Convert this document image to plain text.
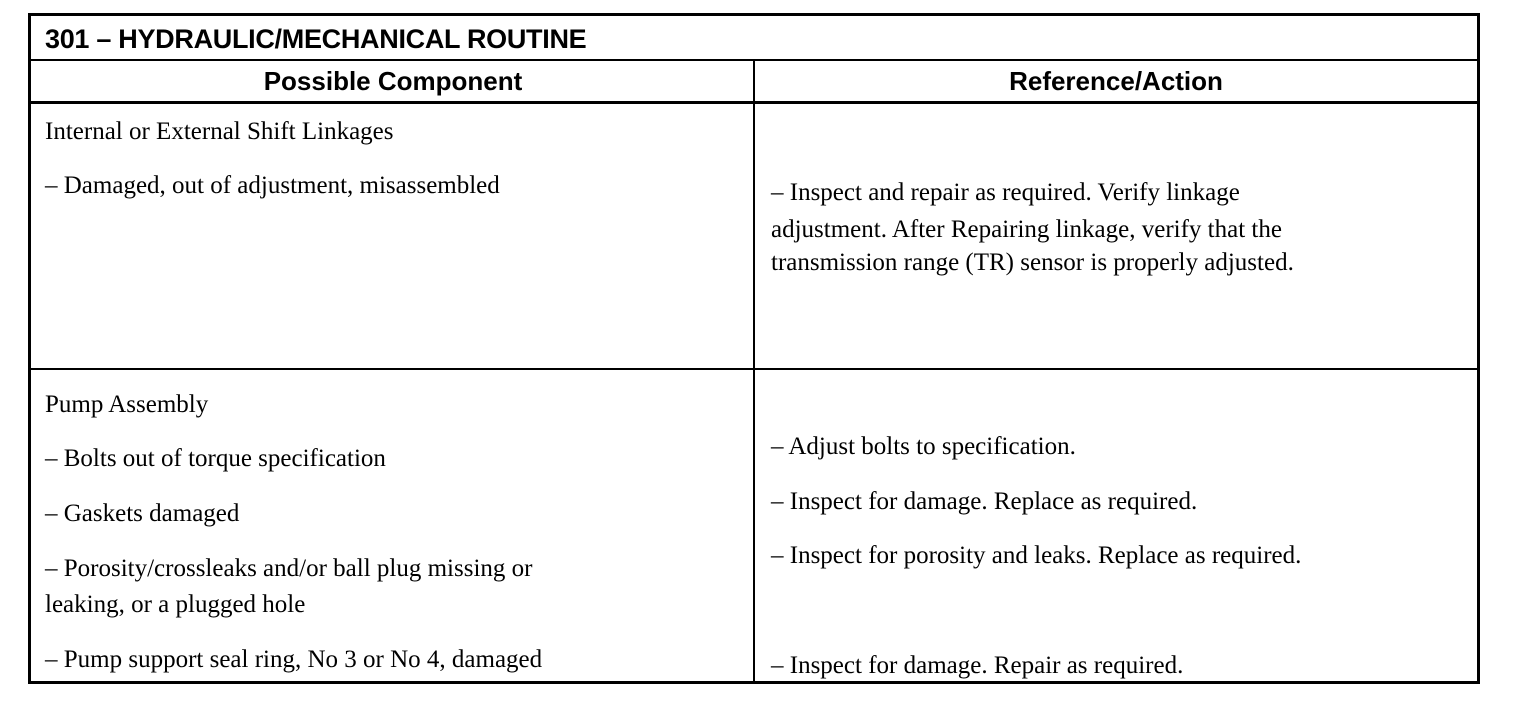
301 – HYDRAULIC/MECHANICAL ROUTINE
Possible Component	Reference/Action
Internal or External Shift Linkages
– Damaged, out of adjustment, misassembled	– Inspect and repair as required. Verify linkage
adjustment. After Repairing linkage, verify that the
transmission range (TR) sensor is properly adjusted.
Pump Assembly
– Bolts out of torque specification	– Adjust bolts to specification.
– Gaskets damaged	– Inspect for damage. Replace as required.
– Porosity/crossleaks and/or ball plug missing or
leaking, or a plugged hole
– Inspect for porosity and leaks. Replace as required.
– Pump support seal ring, No 3 or No 4, damaged	– Inspect for damage. Repair as required.
